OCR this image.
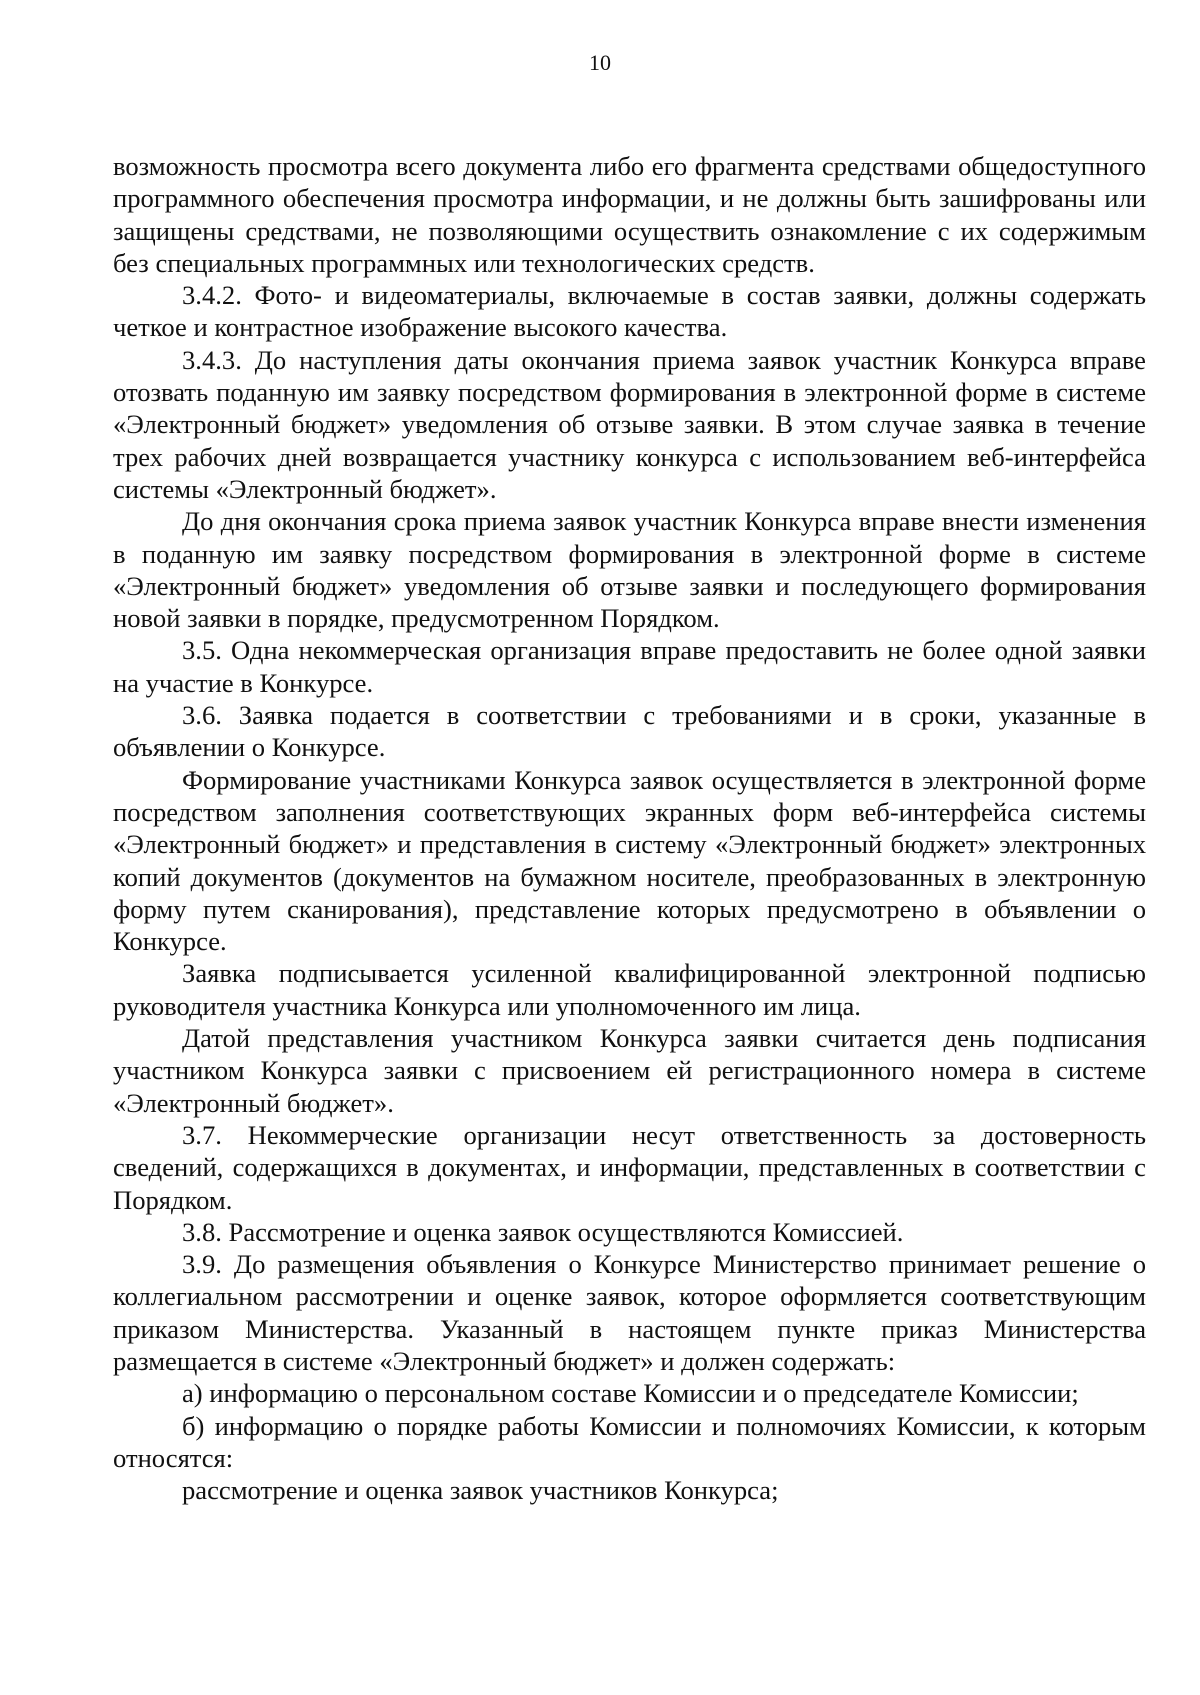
10

возможность просмотра всего документа либо его фрагмента средствами общедоступного программного обеспечения просмотра информации, и не должны быть зашифрованы или защищены средствами, не позволяющими осуществить ознакомление с их содержимым без специальных программных или технологических средств.

3.4.2. Фото- и видеоматериалы, включаемые в состав заявки, должны содержать четкое и контрастное изображение высокого качества.

3.4.3. До наступления даты окончания приема заявок участник Конкурса вправе отозвать поданную им заявку посредством формирования в электронной форме в системе «Электронный бюджет» уведомления об отзыве заявки. В этом случае заявка в течение трех рабочих дней возвращается участнику конкурса с использованием веб-интерфейса системы «Электронный бюджет».

До дня окончания срока приема заявок участник Конкурса вправе внести изменения в поданную им заявку посредством формирования в электронной форме в системе «Электронный бюджет» уведомления об отзыве заявки и последующего формирования новой заявки в порядке, предусмотренном Порядком.

3.5. Одна некоммерческая организация вправе предоставить не более одной заявки на участие в Конкурсе.

3.6. Заявка подается в соответствии с требованиями и в сроки, указанные в объявлении о Конкурсе.

Формирование участниками Конкурса заявок осуществляется в электронной форме посредством заполнения соответствующих экранных форм веб-интерфейса системы «Электронный бюджет» и представления в систему «Электронный бюджет» электронных копий документов (документов на бумажном носителе, преобразованных в электронную форму путем сканирования), представление которых предусмотрено в объявлении о Конкурсе.

Заявка подписывается усиленной квалифицированной электронной подписью руководителя участника Конкурса или уполномоченного им лица.

Датой представления участником Конкурса заявки считается день подписания участником Конкурса заявки с присвоением ей регистрационного номера в системе «Электронный бюджет».

3.7. Некоммерческие организации несут ответственность за достоверность сведений, содержащихся в документах, и информации, представленных в соответствии с Порядком.

3.8. Рассмотрение и оценка заявок осуществляются Комиссией.

3.9. До размещения объявления о Конкурсе Министерство принимает решение о коллегиальном рассмотрении и оценке заявок, которое оформляется соответствующим приказом Министерства. Указанный в настоящем пункте приказ Министерства размещается в системе «Электронный бюджет» и должен содержать:

а) информацию о персональном составе Комиссии и о председателе Комиссии;

б) информацию о порядке работы Комиссии и полномочиях Комиссии, к которым относятся:

рассмотрение и оценка заявок участников Конкурса;
